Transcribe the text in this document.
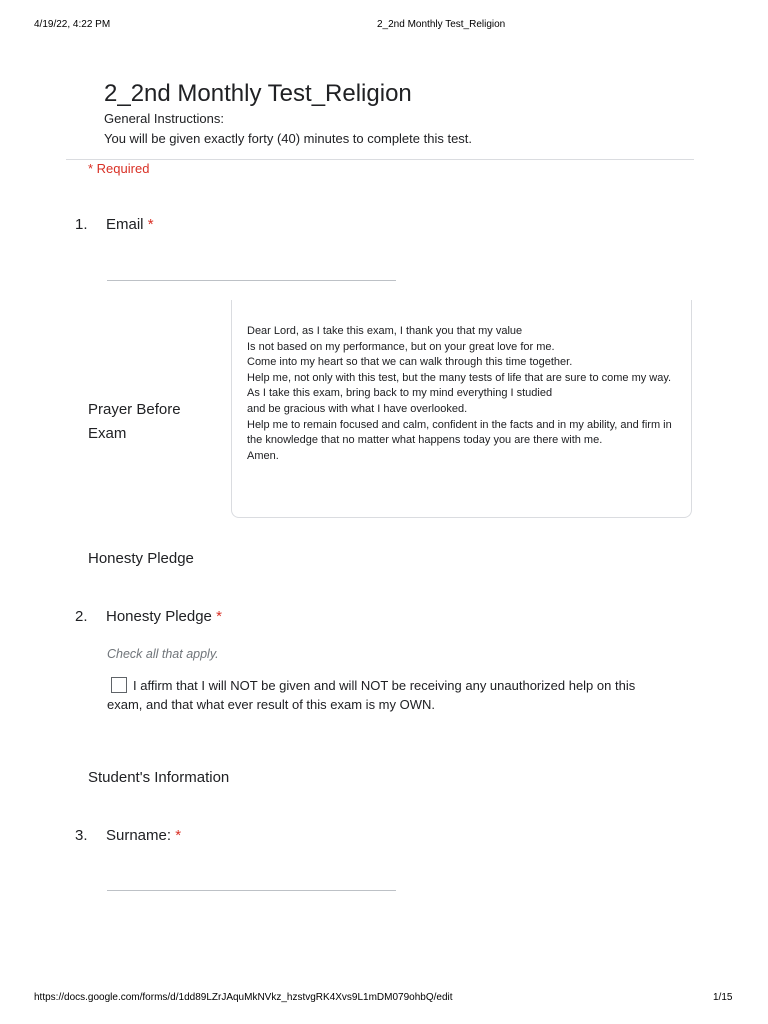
4/19/22, 4:22 PM	2_2nd Monthly Test_Religion
2_2nd Monthly Test_Religion
General Instructions:
You will be given exactly forty (40) minutes to complete this test.
* Required
1. Email *
Prayer Before Exam
Dear Lord, as I take this exam, I thank you that my value
Is not based on my performance, but on your great love for me.
Come into my heart so that we can walk through this time together.
Help me, not only with this test, but the many tests of life that are sure to come my way.
As I take this exam, bring back to my mind everything I studied
and be gracious with what I have overlooked.
Help me to remain focused and calm, confident in the facts and in my ability, and firm in the knowledge that no matter what happens today you are there with me.
Amen.
Honesty Pledge
2. Honesty Pledge *
Check all that apply.
I affirm that I will NOT be given and will NOT be receiving any unauthorized help on this exam, and that what ever result of this exam is my OWN.
Student's Information
3. Surname: *
https://docs.google.com/forms/d/1dd89LZrJAquMkNVkz_hzstvgRK4Xvs9L1mDM079ohbQ/edit	1/15
